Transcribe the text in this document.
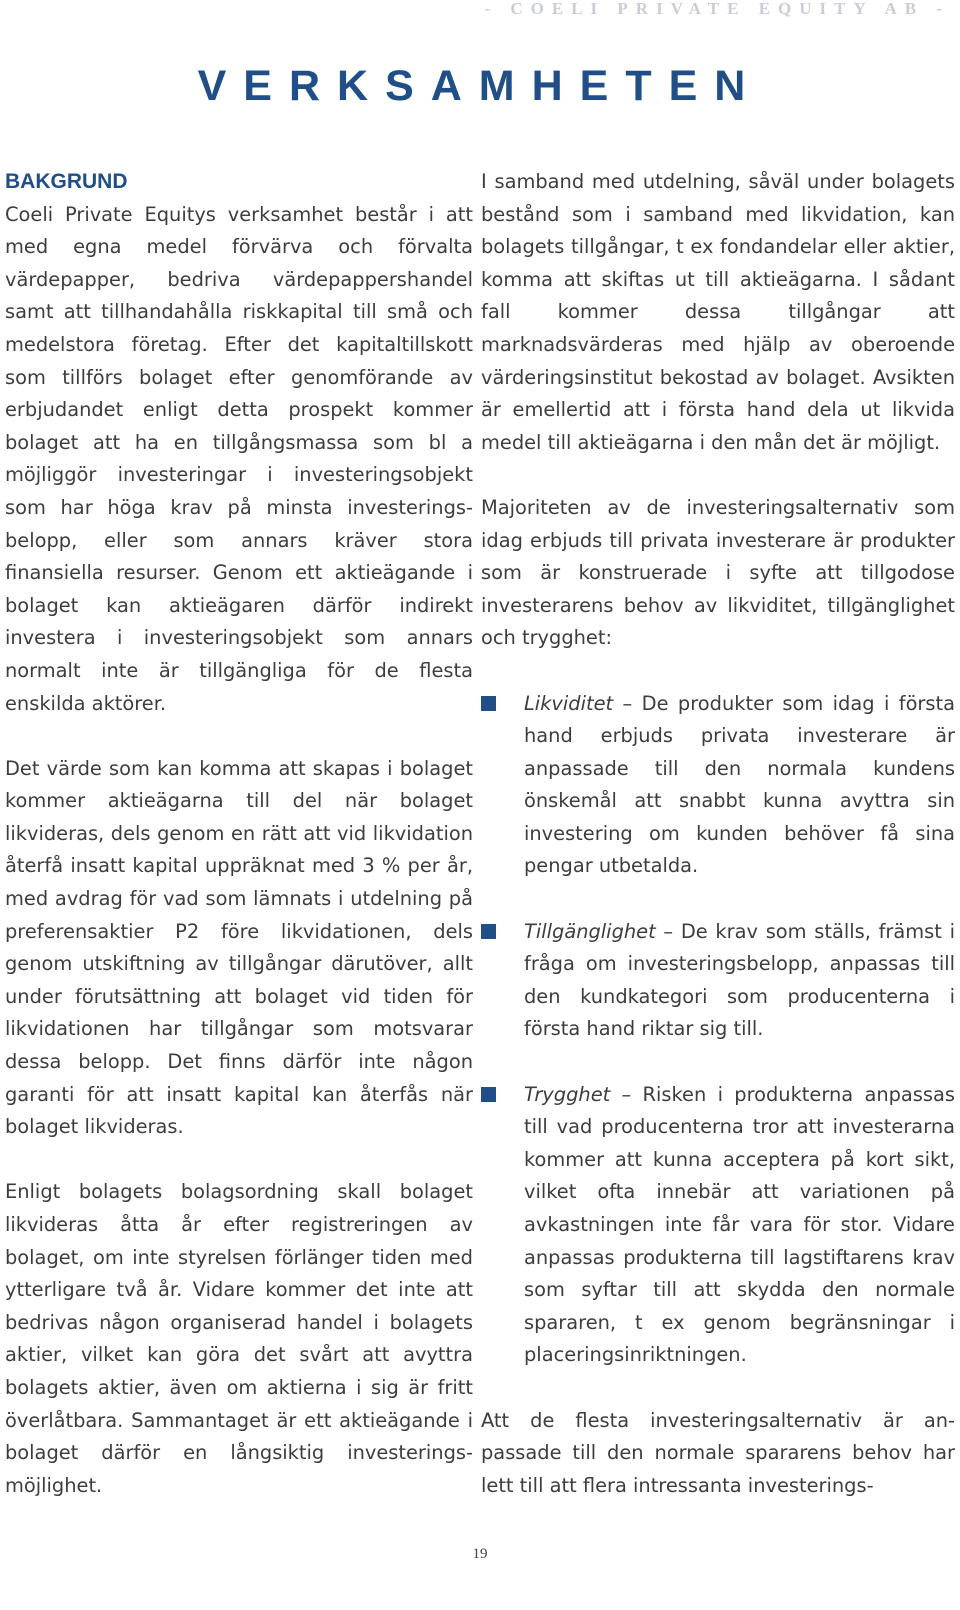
- COELI PRIVATE EQUITY AB -
VERKSAMHETEN
BAKGRUND

Coeli Private Equitys verksamhet består i att med egna medel förvärva och förvalta värdepapper, bedriva värdepappershandel samt att tillhandahålla riskkapital till små och medelstora företag. Efter det kapitaltillskott som tillförs bolaget efter genomförande av erbjudandet enligt detta prospekt kommer bolaget att ha en tillgångsmassa som bl a möjliggör investeringar i investeringsobjekt som har höga krav på minsta investerings-belopp, eller som annars kräver stora finansiella resurser. Genom ett aktieägande i bolaget kan aktieägaren därför indirekt investera i investeringsobjekt som annars normalt inte är tillgängliga för de flesta enskilda aktörer.

Det värde som kan komma att skapas i bolaget kommer aktieägarna till del när bolaget likvideras, dels genom en rätt att vid likvidation återfå insatt kapital uppräknat med 3 % per år, med avdrag för vad som lämnats i utdelning på preferensaktier P2 före likvidationen, dels genom utskiftning av tillgångar därutöver, allt under förutsättning att bolaget vid tiden för likvidationen har tillgångar som motsvarar dessa belopp. Det finns därför inte någon garanti för att insatt kapital kan återfås när bolaget likvideras.

Enligt bolagets bolagsordning skall bolaget likvideras åtta år efter registreringen av bolaget, om inte styrelsen förlänger tiden med ytterligare två år. Vidare kommer det inte att bedrivas någon organiserad handel i bolagets aktier, vilket kan göra det svårt att avyttra bolagets aktier, även om aktierna i sig är fritt överlåtbara. Sammantaget är ett aktieägande i bolaget därför en långsiktig investerings-möjlighet.

I samband med utdelning, såväl under bolagets bestånd som i samband med likvidation, kan bolagets tillgångar, t ex fondandelar eller aktier, komma att skiftas ut till aktieägarna. I sådant fall kommer dessa tillgångar att marknadsvärderas med hjälp av oberoende värderingsinstitut bekostad av bolaget. Avsikten är emellertid att i första hand dela ut likvida medel till aktieägarna i den mån det är möjligt.

Majoriteten av de investeringsalternativ som idag erbjuds till privata investerare är produkter som är konstruerade i syfte att tillgodose investerarens behov av likviditet, tillgänglighet och trygghet:

Likviditet – De produkter som idag i första hand erbjuds privata investerare är anpassade till den normala kundens önskemål att snabbt kunna avyttra sin investering om kunden behöver få sina pengar utbetalda.
Tillgänglighet – De krav som ställs, främst i fråga om investeringsbelopp, anpassas till den kundkategori som producenterna i första hand riktar sig till.
Trygghet – Risken i produkterna anpassas till vad producenterna tror att investerarna kommer att kunna acceptera på kort sikt, vilket ofta innebär att variationen på avkastningen inte får vara för stor. Vidare anpassas produkterna till lagstiftarens krav som syftar till att skydda den normale spararen, t ex genom begränsningar i placeringsinriktningen.

Att de flesta investeringsalternativ är an-passade till den normale spararens behov har lett till att flera intressanta investerings-

19
